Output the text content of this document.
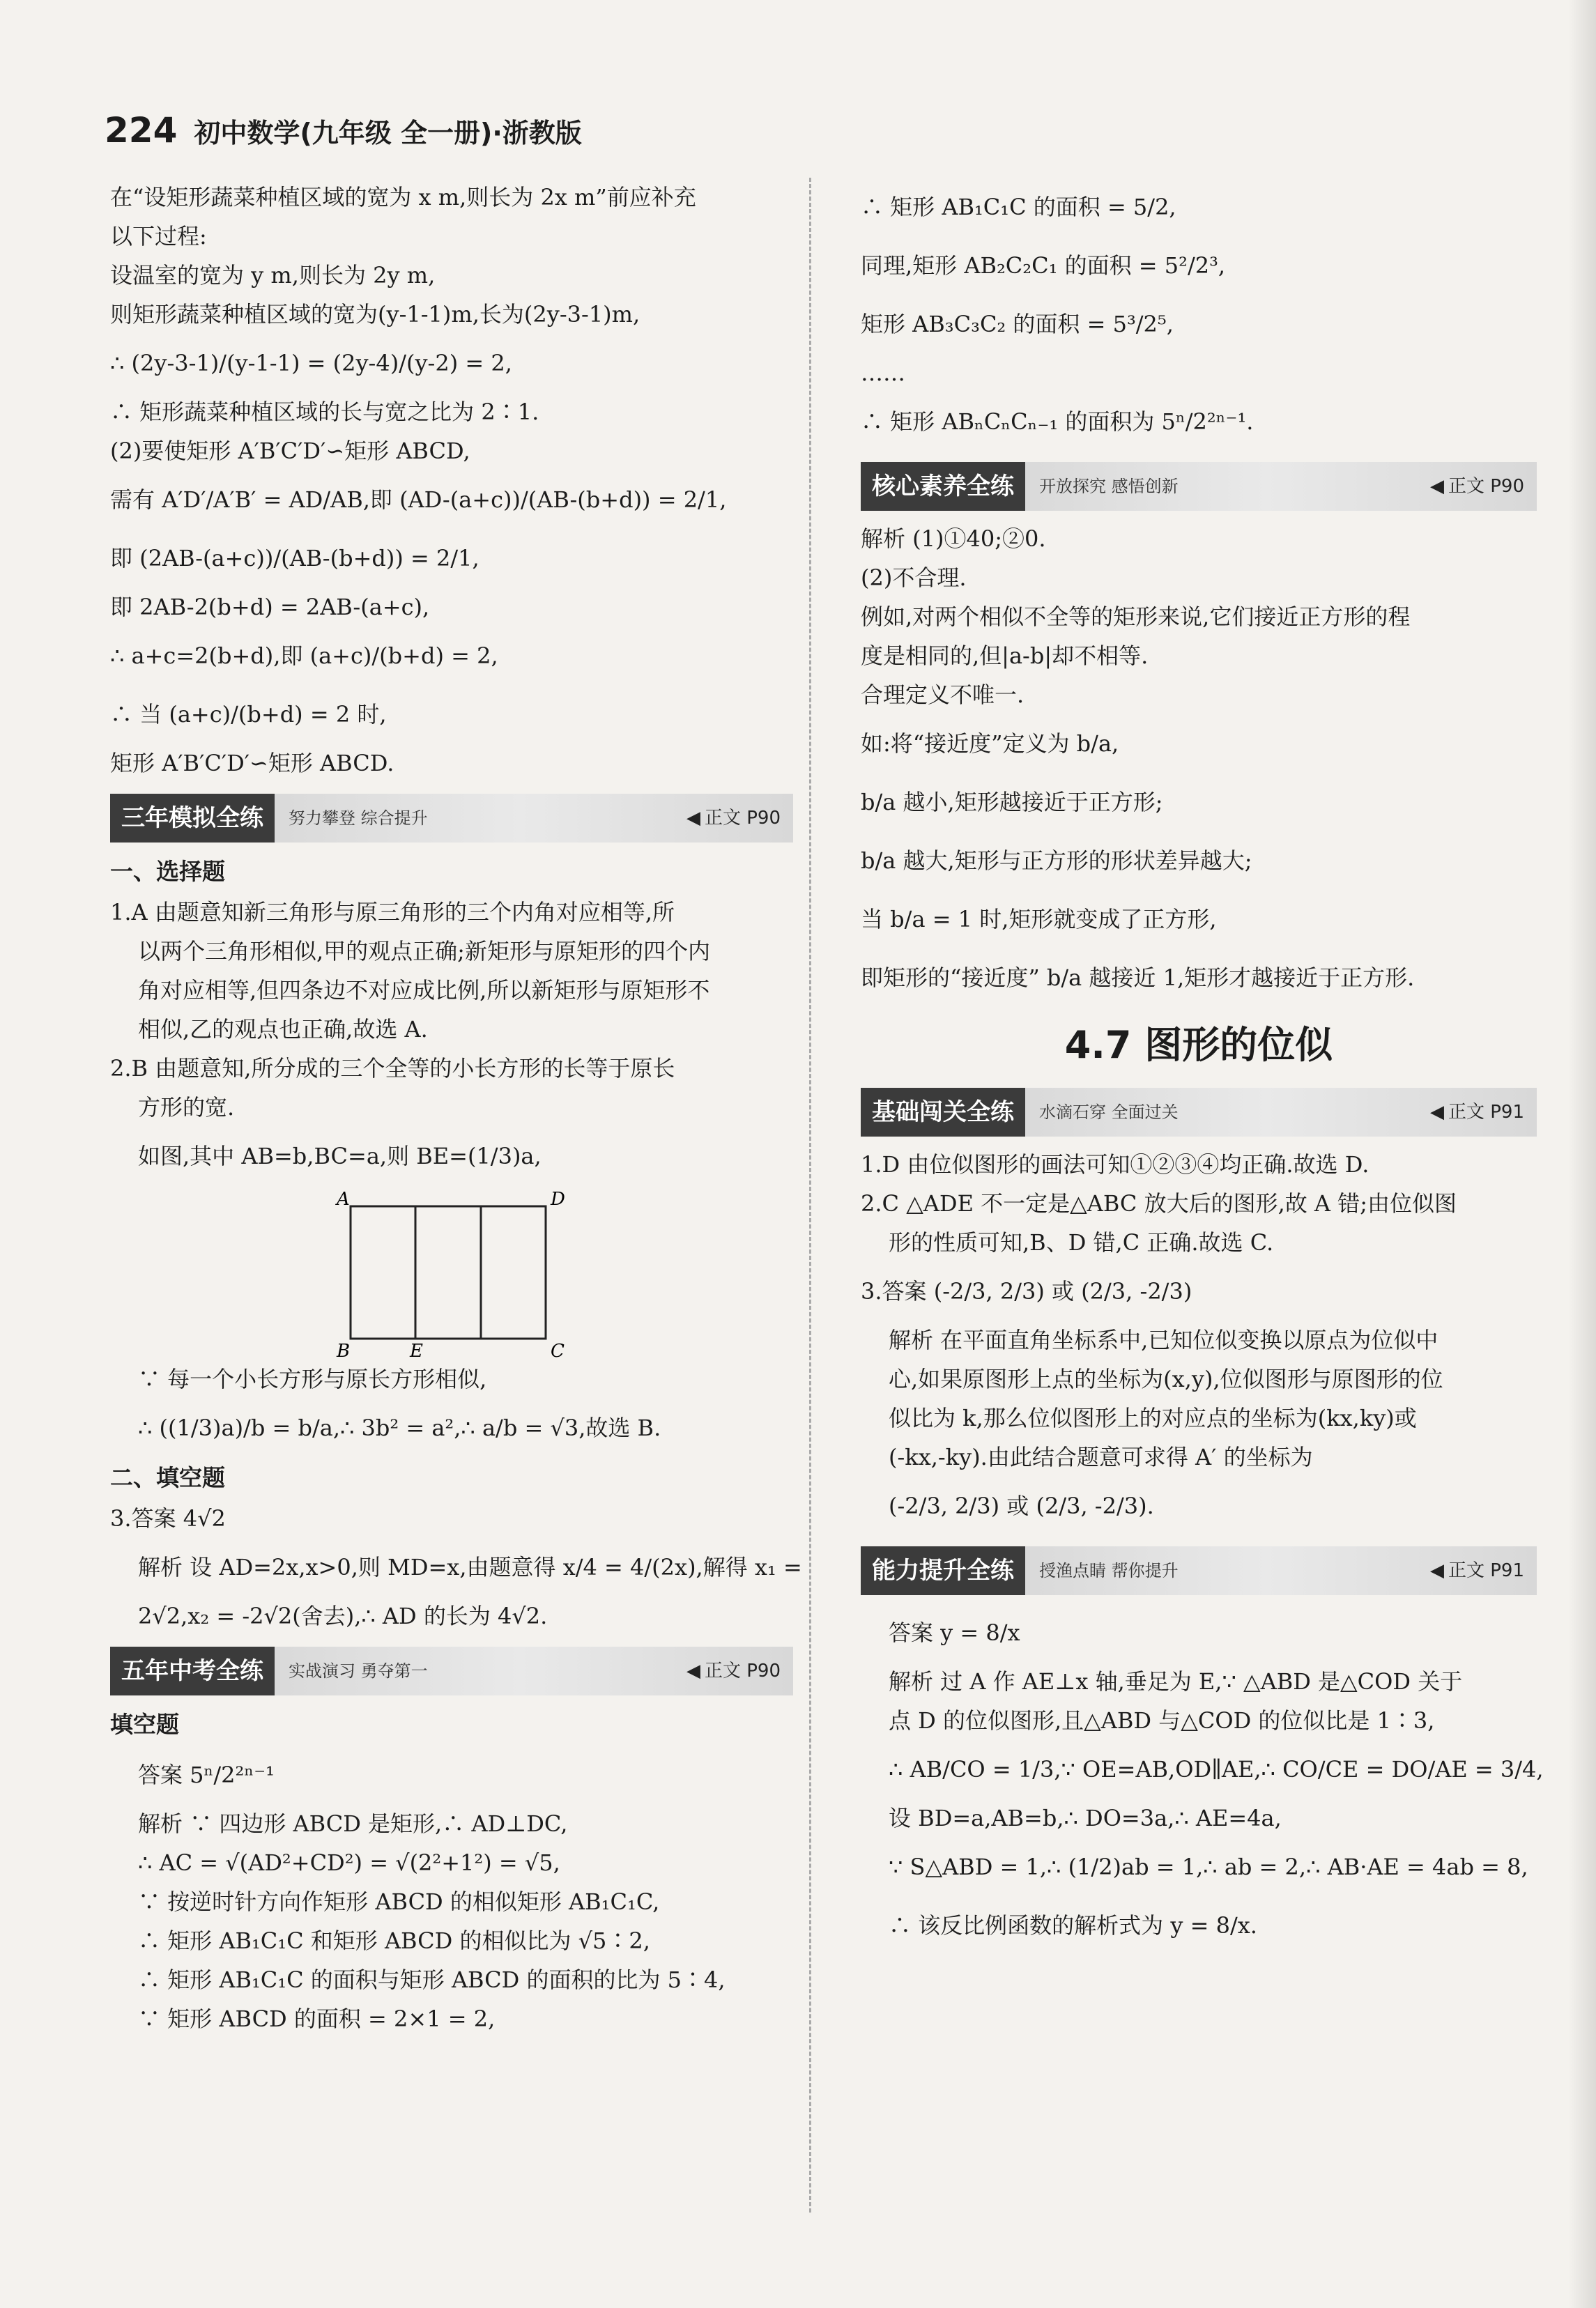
224 初中数学(九年级 全一册)·浙教版
在“设矩形蔬菜种植区域的宽为 x m,则长为 2x m”前应补充
以下过程:
设温室的宽为 y m,则长为 2y m,
则矩形蔬菜种植区域的宽为(y-1-1)m,长为(2y-3-1)m,
∴ (2y-3-1)/(y-1-1) = (2y-4)/(y-2) = 2,
∴ 矩形蔬菜种植区域的长与宽之比为 2∶1.
(2)要使矩形 A′B′C′D′∽矩形 ABCD,
需有 A′D′/A′B′ = AD/AB,即 (AD-(a+c))/(AB-(b+d)) = 2/1,
即 (2AB-(a+c))/(AB-(b+d)) = 2/1,
即 2AB-2(b+d) = 2AB-(a+c),
∴ a+c=2(b+d),即 (a+c)/(b+d) = 2,
∴ 当 (a+c)/(b+d) = 2 时,
矩形 A′B′C′D′∽矩形 ABCD.
三年模拟全练	努力攀登 综合提升	◀ 正文 P90
一、选择题
1.A 由题意知新三角形与原三角形的三个内角对应相等,所
以两个三角形相似,甲的观点正确;新矩形与原矩形的四个内
角对应相等,但四条边不对应成比例,所以新矩形与原矩形不
相似,乙的观点也正确,故选 A.
2.B 由题意知,所分成的三个全等的小长方形的长等于原长
方形的宽.
如图,其中 AB=b,BC=a,则 BE=(1/3)a,
A	D
B	E	C
∵ 每一个小长方形与原长方形相似,
∴ ((1/3)a)/b = b/a,∴ 3b² = a²,∴ a/b = √3,故选 B.
二、填空题
3.答案 4√2
解析 设 AD=2x,x>0,则 MD=x,由题意得 x/4 = 4/(2x),解得 x₁ =
2√2,x₂ = -2√2(舍去),∴ AD 的长为 4√2.
五年中考全练	实战演习 勇夺第一	◀ 正文 P90
填空题
答案 5ⁿ/2²ⁿ⁻¹
解析 ∵ 四边形 ABCD 是矩形,∴ AD⊥DC,
∴ AC = √(AD²+CD²) = √(2²+1²) = √5,
∵ 按逆时针方向作矩形 ABCD 的相似矩形 AB₁C₁C,
∴ 矩形 AB₁C₁C 和矩形 ABCD 的相似比为 √5∶2,
∴ 矩形 AB₁C₁C 的面积与矩形 ABCD 的面积的比为 5∶4,
∵ 矩形 ABCD 的面积 = 2×1 = 2,
∴ 矩形 AB₁C₁C 的面积 = 5/2,
同理,矩形 AB₂C₂C₁ 的面积 = 5²/2³,
矩形 AB₃C₃C₂ 的面积 = 5³/2⁵,
……
∴ 矩形 ABₙCₙCₙ₋₁ 的面积为 5ⁿ/2²ⁿ⁻¹.
核心素养全练	开放探究 感悟创新	◀ 正文 P90
解析 (1)①40;②0.
(2)不合理.
例如,对两个相似不全等的矩形来说,它们接近正方形的程
度是相同的,但|a-b|却不相等.
合理定义不唯一.
如:将“接近度”定义为 b/a,
b/a 越小,矩形越接近于正方形;
b/a 越大,矩形与正方形的形状差异越大;
当 b/a = 1 时,矩形就变成了正方形,
即矩形的“接近度” b/a 越接近 1,矩形才越接近于正方形.
4.7 图形的位似
基础闯关全练	水滴石穿 全面过关	◀ 正文 P91
1.D 由位似图形的画法可知①②③④均正确.故选 D.
2.C △ADE 不一定是△ABC 放大后的图形,故 A 错;由位似图
形的性质可知,B、D 错,C 正确.故选 C.
3.答案 (-2/3, 2/3) 或 (2/3, -2/3)
解析 在平面直角坐标系中,已知位似变换以原点为位似中
心,如果原图形上点的坐标为(x,y),位似图形与原图形的位
似比为 k,那么位似图形上的对应点的坐标为(kx,ky)或
(-kx,-ky).由此结合题意可求得 A′ 的坐标为
(-2/3, 2/3) 或 (2/3, -2/3).
能力提升全练	授渔点睛 帮你提升	◀ 正文 P91
答案 y = 8/x
解析 过 A 作 AE⊥x 轴,垂足为 E,∵ △ABD 是△COD 关于
点 D 的位似图形,且△ABD 与△COD 的位似比是 1∶3,
∴ AB/CO = 1/3,∵ OE=AB,OD∥AE,∴ CO/CE = DO/AE = 3/4,
设 BD=a,AB=b,∴ DO=3a,∴ AE=4a,
∵ S△ABD = 1,∴ (1/2)ab = 1,∴ ab = 2,∴ AB·AE = 4ab = 8,
∴ 该反比例函数的解析式为 y = 8/x.
